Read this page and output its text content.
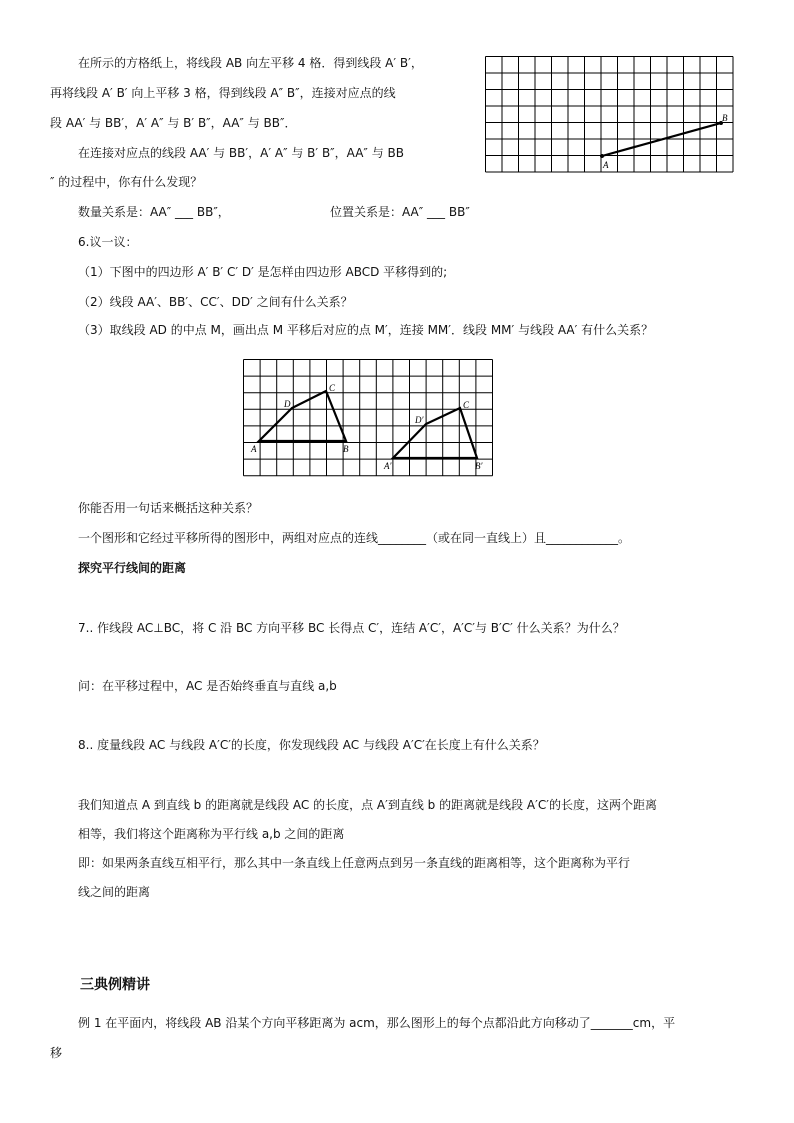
在所示的方格纸上，将线段 AB 向左平移 4 格．得到线段 A′ B′，
再将线段 A′ B′ 向上平移 3 格，得到线段 A″ B″，连接对应点的线
段 AA′ 与 BB′，A′ A″ 与 B′ B″，AA″ 与 BB″．
在连接对应点的线段 AA′ 与 BB′，A′ A″ 与 B′ B″，AA″ 与 BB
″ 的过程中，你有什么发现？
数量关系是：AA″ ___ BB″，	位置关系是：AA″ ___ BB″
A
B
6.议一议：
（1）下图中的四边形 A′ B′ C′ D′ 是怎样由四边形 ABCD 平移得到的;
（2）线段 AA′、BB′、CC′、DD′ 之间有什么关系？
（3）取线段 AD 的中点 M，画出点 M 平移后对应的点 M′，连接 MM′．线段 MM′ 与线段 AA′ 有什么关系？
A	B
C
D
A′	B′
C
D′
你能否用一句话来概括这种关系？
一个图形和它经过平移所得的图形中，两组对应点的连线________（或在同一直线上）且____________。
探究平行线间的距离
7.. 作线段 AC⊥BC，将 C 沿 BC 方向平移 BC 长得点 C′，连结 A′C′，A′C′与 B′C′ 什么关系？为什么？
问：在平移过程中，AC 是否始终垂直与直线 a,b
8.. 度量线段 AC 与线段 A′C′的长度，你发现线段 AC 与线段 A′C′在长度上有什么关系？
我们知道点 A 到直线 b 的距离就是线段 AC 的长度，点 A′到直线 b 的距离就是线段 A′C′的长度，这两个距离
相等，我们将这个距离称为平行线 a,b 之间的距离
即：如果两条直线互相平行，那么其中一条直线上任意两点到另一条直线的距离相等，这个距离称为平行
线之间的距离
三典例精讲
例 1 在平面内，将线段 AB 沿某个方向平移距离为 acm，那么图形上的每个点都沿此方向移动了_______cm，平
移
